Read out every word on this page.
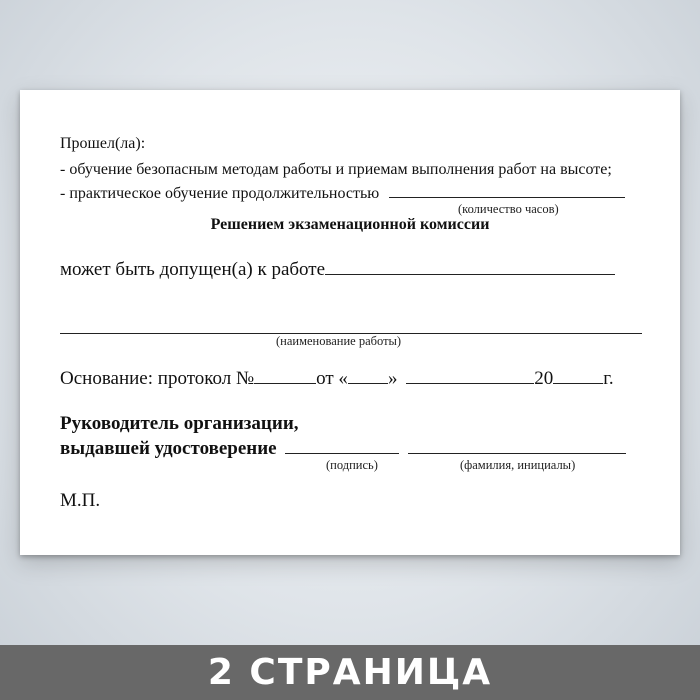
Прошел(ла):
- обучение безопасным методам работы и приемам выполнения работ на высоте;
- практическое обучение продолжительностью
(количество часов)
Решением экзаменационной комиссии
может быть допущен(а) к работе
(наименование работы)
Основание: протокол №	от « »	20	г.
Руководитель организации,
выдавшей удостоверение
(подпись)	(фамилия, инициалы)
М.П.
2 СТРАНИЦА
